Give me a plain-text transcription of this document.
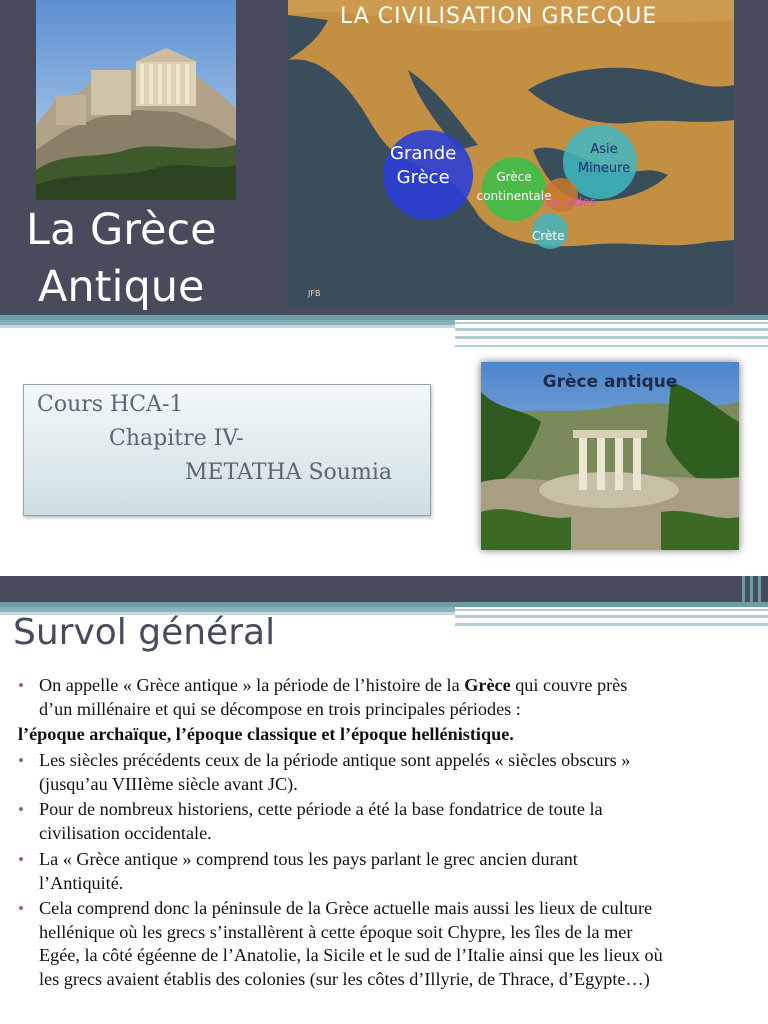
La Grèce
Antique
Grande
Grèce	Grèce
continentale
Asie
Mineure
Cyclades
Crète
JFB
LA CIVILISATION GRECQUE
Cours HCA-1
Chapitre IV-
METATHA Soumia
Grèce antique
Survol général
• On appelle « Grèce antique » la période de l’histoire de la Grèce qui couvre près
d’un millénaire et qui se décompose en trois principales périodes :
l’époque archaïque, l’époque classique et l’époque hellénistique.
• Les siècles précédents ceux de la période antique sont appelés « siècles obscurs »
(jusqu’au VIIIème siècle avant JC).
• Pour de nombreux historiens, cette période a été la base fondatrice de toute la
civilisation occidentale.
• La « Grèce antique » comprend tous les pays parlant le grec ancien durant
l’Antiquité.
• Cela comprend donc la péninsule de la Grèce actuelle mais aussi les lieux de culture
hellénique où les grecs s’installèrent à cette époque soit Chypre, les îles de la mer
Egée, la côté égéenne de l’Anatolie, la Sicile et le sud de l’Italie ainsi que les lieux où
les grecs avaient établis des colonies (sur les côtes d’Illyrie, de Thrace, d’Egypte…)
